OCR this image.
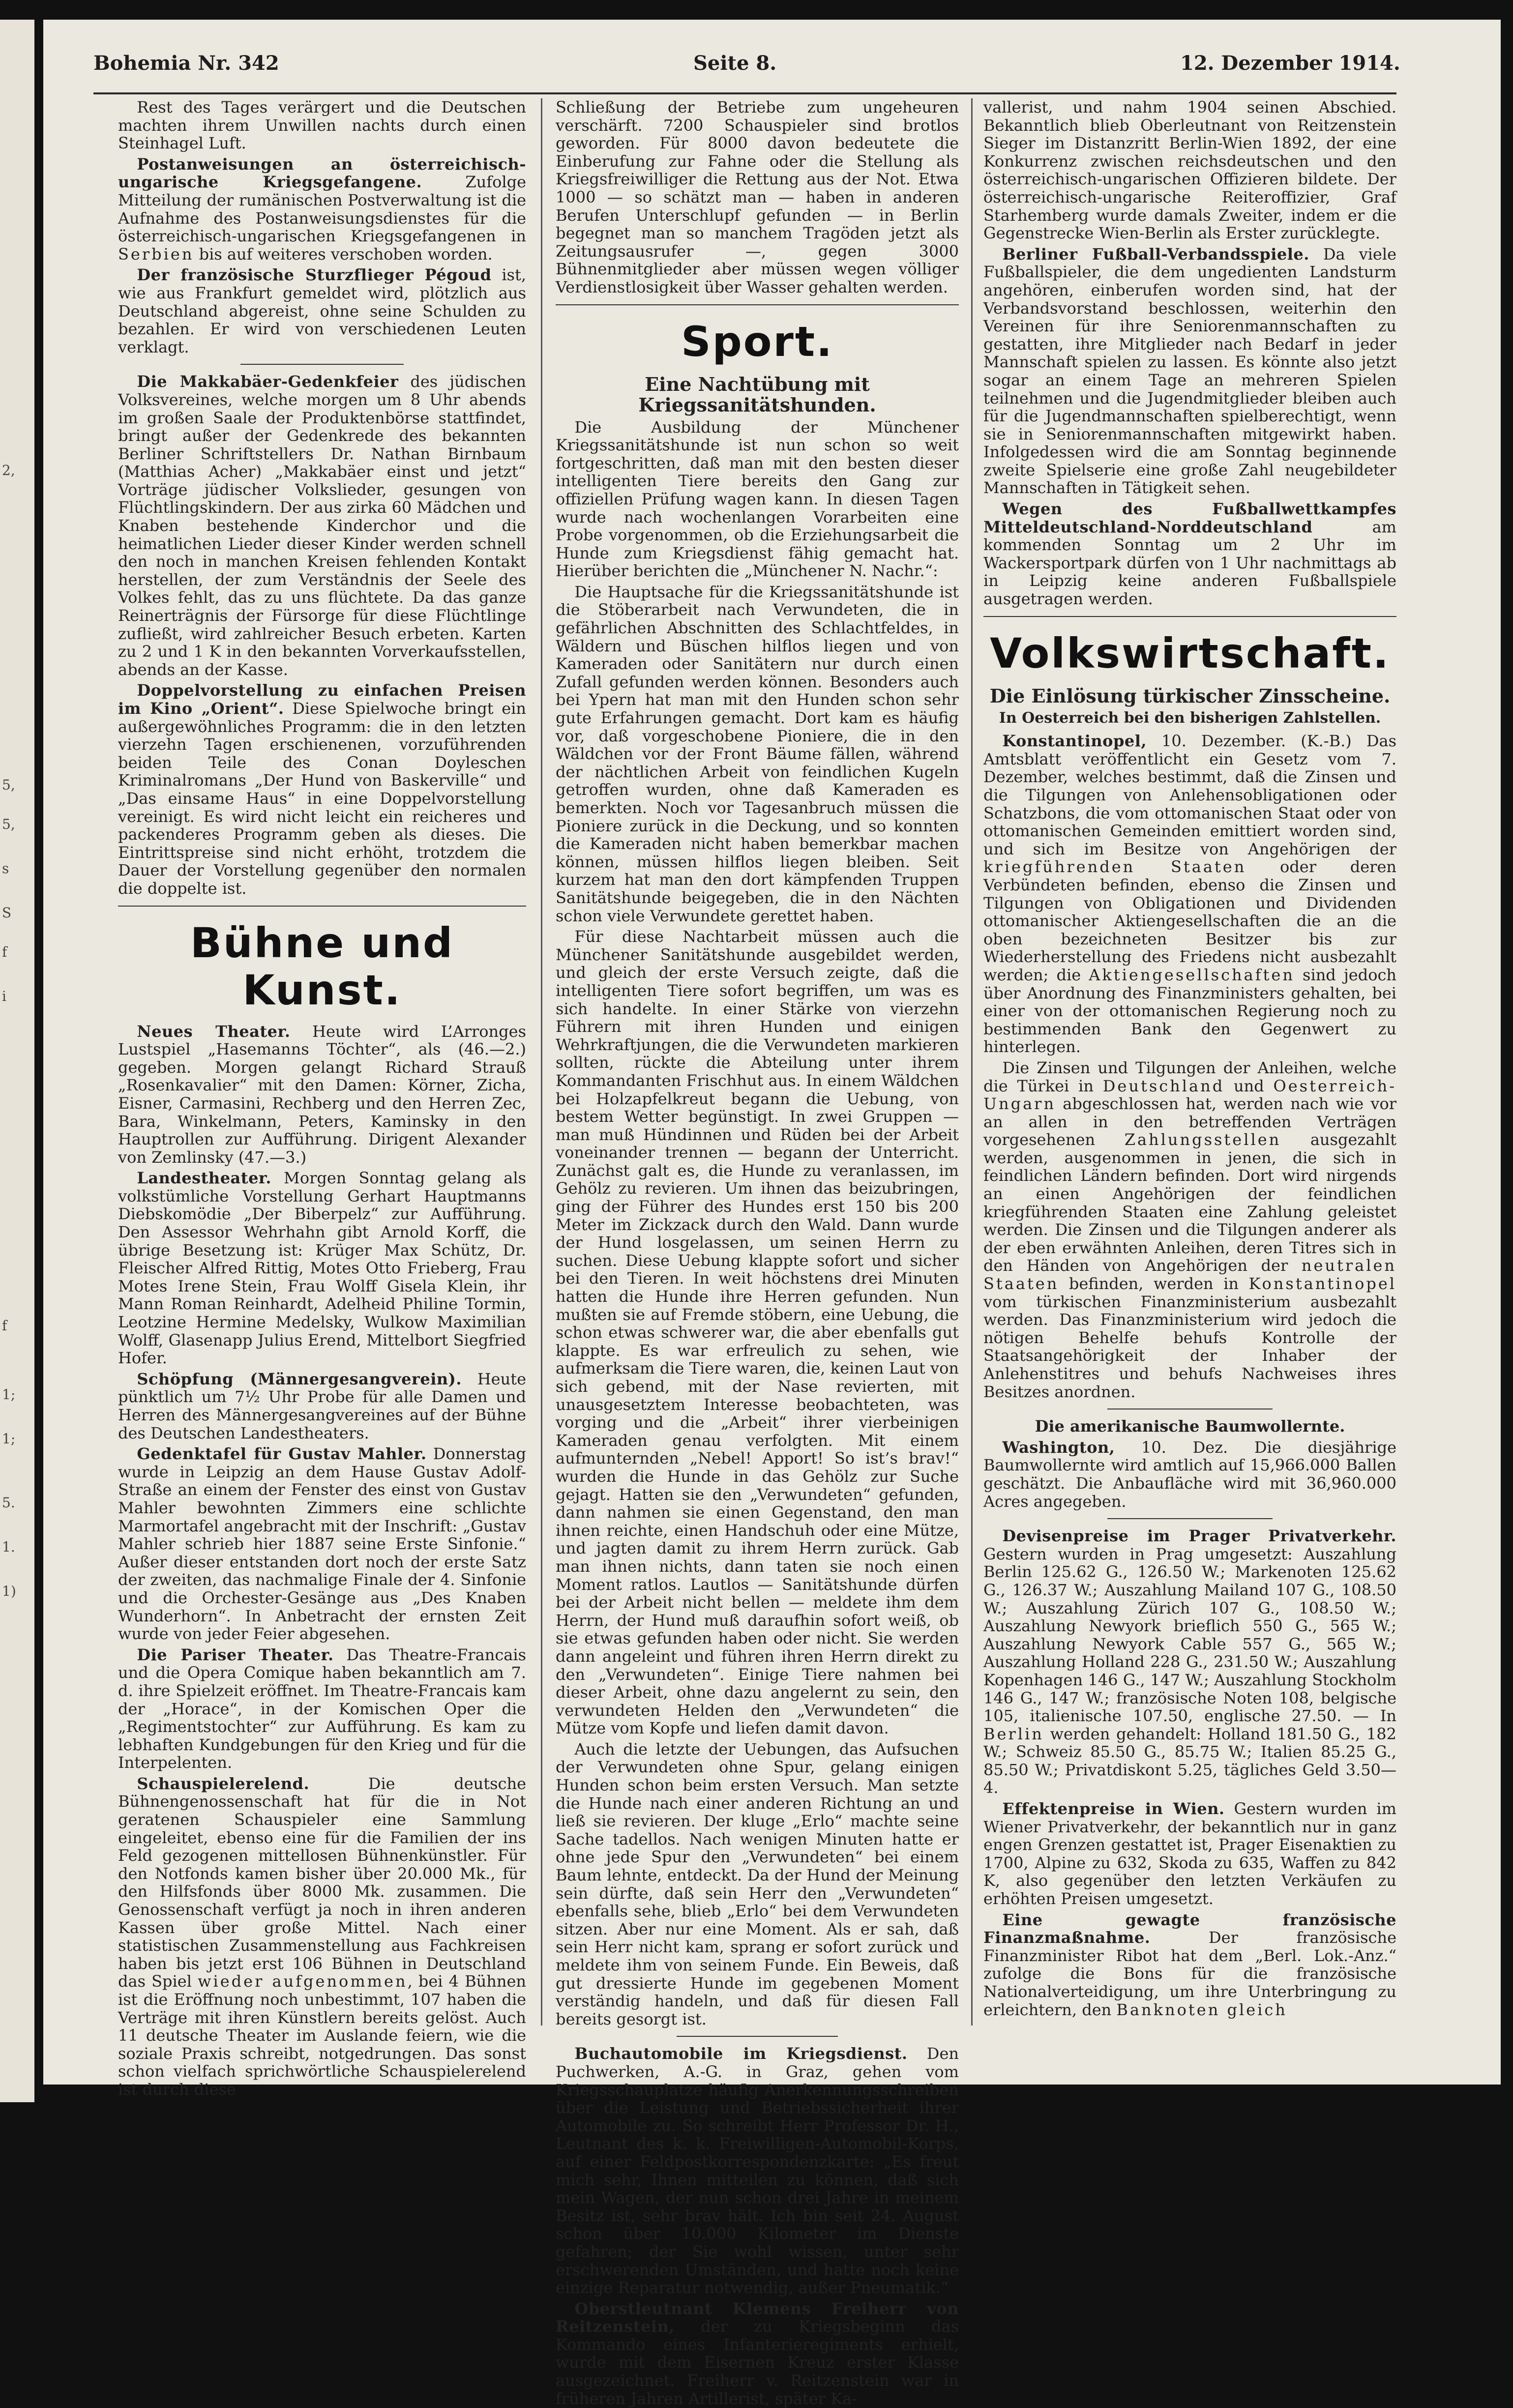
2,
5,
5,
s
S
f
i
f
1;
1;
5.
1.
1)
Bohemia Nr. 342	Seite 8.	12. Dezember 1914.

Rest des Tages verärgert und die Deutschen machten ihrem Unwillen nachts durch einen Steinhagel Luft.

Postanweisungen an österreichisch-ungarische Kriegsgefangene. Zufolge Mitteilung der rumänischen Postverwaltung ist die Aufnahme des Postanweisungsdienstes für die österreichisch-ungarischen Kriegsgefangenen in Serbien bis auf weiteres verschoben worden.

Der französische Sturzflieger Pégoud ist, wie aus Frankfurt gemeldet wird, plötzlich aus Deutschland abgereist, ohne seine Schulden zu bezahlen. Er wird von verschiedenen Leuten verklagt.

Die Makkabäer-Gedenkfeier des jüdischen Volksvereines, welche morgen um 8 Uhr abends im großen Saale der Produktenbörse stattfindet, bringt außer der Gedenkrede des bekannten Berliner Schriftstellers Dr. Nathan Birnbaum (Matthias Acher) „Makkabäer einst und jetzt“ Vorträge jüdischer Volkslieder, gesungen von Flüchtlingskindern. Der aus zirka 60 Mädchen und Knaben bestehende Kinderchor und die heimatlichen Lieder dieser Kinder werden schnell den noch in manchen Kreisen fehlenden Kontakt herstellen, der zum Verständnis der Seele des Volkes fehlt, das zu uns flüchtete. Da das ganze Reinerträgnis der Fürsorge für diese Flüchtlinge zufließt, wird zahlreicher Besuch erbeten. Karten zu 2 und 1 K in den bekannten Vorverkaufsstellen, abends an der Kasse.

Doppelvorstellung zu einfachen Preisen im Kino „Orient“. Diese Spielwoche bringt ein außergewöhnliches Programm: die in den letzten vierzehn Tagen erschienenen, vorzuführenden beiden Teile des Conan Doyleschen Kriminalromans „Der Hund von Baskerville“ und „Das einsame Haus“ in eine Doppelvorstellung vereinigt. Es wird nicht leicht ein reicheres und packenderes Programm geben als dieses. Die Eintrittspreise sind nicht erhöht, trotzdem die Dauer der Vorstellung gegenüber den normalen die doppelte ist.

Bühne und Kunst.

Neues Theater. Heute wird L’Arronges Lustspiel „Hasemanns Töchter“, als (46.—2.) gegeben. Morgen gelangt Richard Strauß „Rosenkavalier“ mit den Damen: Körner, Zicha, Eisner, Carmasini, Rechberg und den Herren Zec, Bara, Winkelmann, Peters, Kaminsky in den Hauptrollen zur Aufführung. Dirigent Alexander von Zemlinsky (47.—3.)

Landestheater. Morgen Sonntag gelang als volkstümliche Vorstellung Gerhart Hauptmanns Diebskomödie „Der Biberpelz“ zur Aufführung. Den Assessor Wehrhahn gibt Arnold Korff, die übrige Besetzung ist: Krüger Max Schütz, Dr. Fleischer Alfred Rittig, Motes Otto Frieberg, Frau Motes Irene Stein, Frau Wolff Gisela Klein, ihr Mann Roman Reinhardt, Adelheid Philine Tormin, Leotzine Hermine Medelsky, Wulkow Maximilian Wolff, Glasenapp Julius Erend, Mittelbort Siegfried Hofer.

Schöpfung (Männergesangverein). Heute pünktlich um 7½ Uhr Probe für alle Damen und Herren des Männergesangvereines auf der Bühne des Deutschen Landestheaters.

Gedenktafel für Gustav Mahler. Donnerstag wurde in Leipzig an dem Hause Gustav Adolf-Straße an einem der Fenster des einst von Gustav Mahler bewohnten Zimmers eine schlichte Marmortafel angebracht mit der Inschrift: „Gustav Mahler schrieb hier 1887 seine Erste Sinfonie.“ Außer dieser entstanden dort noch der erste Satz der zweiten, das nachmalige Finale der 4. Sinfonie und die Orchester-Gesänge aus „Des Knaben Wunderhorn“. In Anbetracht der ernsten Zeit wurde von jeder Feier abgesehen.

Die Pariser Theater. Das Theatre-Francais und die Opera Comique haben bekanntlich am 7. d. ihre Spielzeit eröffnet. Im Theatre-Francais kam der „Horace“, in der Komischen Oper die „Regimentstochter“ zur Aufführung. Es kam zu lebhaften Kundgebungen für den Krieg und für die Interpelenten.

Schauspielerelend. Die deutsche Bühnengenossenschaft hat für die in Not geratenen Schauspieler eine Sammlung eingeleitet, ebenso eine für die Familien der ins Feld gezogenen mittellosen Bühnenkünstler. Für den Notfonds kamen bisher über 20.000 Mk., für den Hilfsfonds über 8000 Mk. zusammen. Die Genossenschaft verfügt ja noch in ihren anderen Kassen über große Mittel. Nach einer statistischen Zusammenstellung aus Fachkreisen haben bis jetzt erst 106 Bühnen in Deutschland das Spiel wieder aufgenommen, bei 4 Bühnen ist die Eröffnung noch unbestimmt, 107 haben die Verträge mit ihren Künstlern bereits gelöst. Auch 11 deutsche Theater im Auslande feiern, wie die soziale Praxis schreibt, notgedrungen. Das sonst schon vielfach sprichwörtliche Schauspielerelend ist durch diese

Schließung der Betriebe zum ungeheuren verschärft. 7200 Schauspieler sind brotlos geworden. Für 8000 davon bedeutete die Einberufung zur Fahne oder die Stellung als Kriegsfreiwilliger die Rettung aus der Not. Etwa 1000 — so schätzt man — haben in anderen Berufen Unterschlupf gefunden — in Berlin begegnet man so manchem Tragöden jetzt als Zeitungsausrufer —, gegen 3000 Bühnenmitglieder aber müssen wegen völliger Verdienstlosigkeit über Wasser gehalten werden.

Sport.
Eine Nachtübung mit Kriegssanitätshunden.

Die Ausbildung der Münchener Kriegssanitätshunde ist nun schon so weit fortgeschritten, daß man mit den besten dieser intelligenten Tiere bereits den Gang zur offiziellen Prüfung wagen kann. In diesen Tagen wurde nach wochenlangen Vorarbeiten eine Probe vorgenommen, ob die Erziehungsarbeit die Hunde zum Kriegsdienst fähig gemacht hat. Hierüber berichten die „Münchener N. Nachr.“:

Die Hauptsache für die Kriegssanitätshunde ist die Stöberarbeit nach Verwundeten, die in gefährlichen Abschnitten des Schlachtfeldes, in Wäldern und Büschen hilflos liegen und von Kameraden oder Sanitätern nur durch einen Zufall gefunden werden können. Besonders auch bei Ypern hat man mit den Hunden schon sehr gute Erfahrungen gemacht. Dort kam es häufig vor, daß vorgeschobene Pioniere, die in den Wäldchen vor der Front Bäume fällen, während der nächtlichen Arbeit von feindlichen Kugeln getroffen wurden, ohne daß Kameraden es bemerkten. Noch vor Tagesanbruch müssen die Pioniere zurück in die Deckung, und so konnten die Kameraden nicht haben bemerkbar machen können, müssen hilflos liegen bleiben. Seit kurzem hat man den dort kämpfenden Truppen Sanitätshunde beigegeben, die in den Nächten schon viele Verwundete gerettet haben.

Für diese Nachtarbeit müssen auch die Münchener Sanitätshunde ausgebildet werden, und gleich der erste Versuch zeigte, daß die intelligenten Tiere sofort begriffen, um was es sich handelte. In einer Stärke von vierzehn Führern mit ihren Hunden und einigen Wehrkraftjungen, die die Verwundeten markieren sollten, rückte die Abteilung unter ihrem Kommandanten Frischhut aus. In einem Wäldchen bei Holzapfelkreut begann die Uebung, von bestem Wetter begünstigt. In zwei Gruppen — man muß Hündinnen und Rüden bei der Arbeit voneinander trennen — begann der Unterricht. Zunächst galt es, die Hunde zu veranlassen, im Gehölz zu revieren. Um ihnen das beizubringen, ging der Führer des Hundes erst 150 bis 200 Meter im Zickzack durch den Wald. Dann wurde der Hund losgelassen, um seinen Herrn zu suchen. Diese Uebung klappte sofort und sicher bei den Tieren. In weit höchstens drei Minuten hatten die Hunde ihre Herren gefunden. Nun mußten sie auf Fremde stöbern, eine Uebung, die schon etwas schwerer war, die aber ebenfalls gut klappte. Es war erfreulich zu sehen, wie aufmerksam die Tiere waren, die, keinen Laut von sich gebend, mit der Nase revierten, mit unausgesetztem Interesse beobachteten, was vorging und die „Arbeit“ ihrer vierbeinigen Kameraden genau verfolgten. Mit einem aufmunternden „Nebel! Apport! So ist’s brav!“ wurden die Hunde in das Gehölz zur Suche gejagt. Hatten sie den „Verwundeten“ gefunden, dann nahmen sie einen Gegenstand, den man ihnen reichte, einen Handschuh oder eine Mütze, und jagten damit zu ihrem Herrn zurück. Gab man ihnen nichts, dann taten sie noch einen Moment ratlos. Lautlos — Sanitätshunde dürfen bei der Arbeit nicht bellen — meldete ihm dem Herrn, der Hund muß daraufhin sofort weiß, ob sie etwas gefunden haben oder nicht. Sie werden dann angeleint und führen ihren Herrn direkt zu den „Verwundeten“. Einige Tiere nahmen bei dieser Arbeit, ohne dazu angelernt zu sein, den verwundeten Helden den „Verwundeten“ die Mütze vom Kopfe und liefen damit davon.

Auch die letzte der Uebungen, das Aufsuchen der Verwundeten ohne Spur, gelang einigen Hunden schon beim ersten Versuch. Man setzte die Hunde nach einer anderen Richtung an und ließ sie revieren. Der kluge „Erlo“ machte seine Sache tadellos. Nach wenigen Minuten hatte er ohne jede Spur den „Verwundeten“ bei einem Baum lehnte, entdeckt. Da der Hund der Meinung sein dürfte, daß sein Herr den „Verwundeten“ ebenfalls sehe, blieb „Erlo“ bei dem Verwundeten sitzen. Aber nur eine Moment. Als er sah, daß sein Herr nicht kam, sprang er sofort zurück und meldete ihm von seinem Funde. Ein Beweis, daß gut dressierte Hunde im gegebenen Moment verständig handeln, und daß für diesen Fall bereits gesorgt ist.

Buchautomobile im Kriegsdienst. Den Puchwerken, A.-G. in Graz, gehen vom Kriegsschauplatze häufig Anerkennungsschreiben über die Leistung und Betriebssicherheit ihrer Automobile zu. So schreibt Herr Professor Dr. H., Leutnant des k. k. Freiwilligen-Automobil-Korps, auf einer Feldpostkorrespondenzkarte: „Es freut mich sehr, Ihnen mitteilen zu können, daß sich mein Wagen, der nun schon drei Jahre in meinem Besitz ist, sehr brav hält. Ich bin seit 24. August schon über 10.000 Kilometer im Dienste gefahren; der Sie wohl wissen, unter sehr erschwerenden Umständen, und hatte noch keine einzige Reparatur notwendig, außer Pneumatik.“

Oberstleutnant Klemens Freiherr von Reitzenstein, der zu Kriegsbeginn das Kommando eines Infanterieregiments erhielt, wurde mit dem Eisernen Kreuz erster Klasse ausgezeichnet. Freiherr v. Reitzenstein war in früheren Jahren Artillerist, später Ka-

vallerist, und nahm 1904 seinen Abschied. Bekanntlich blieb Oberleutnant von Reitzenstein Sieger im Distanzritt Berlin-Wien 1892, der eine Konkurrenz zwischen reichsdeutschen und den österreichisch-ungarischen Offizieren bildete. Der österreichisch-ungarische Reiteroffizier, Graf Starhemberg wurde damals Zweiter, indem er die Gegenstrecke Wien-Berlin als Erster zurücklegte.

Berliner Fußball-Verbandsspiele. Da viele Fußballspieler, die dem ungedienten Landsturm angehören, einberufen worden sind, hat der Verbandsvorstand beschlossen, weiterhin den Vereinen für ihre Seniorenmannschaften zu gestatten, ihre Mitglieder nach Bedarf in jeder Mannschaft spielen zu lassen. Es könnte also jetzt sogar an einem Tage an mehreren Spielen teilnehmen und die Jugendmitglieder bleiben auch für die Jugendmannschaften spielberechtigt, wenn sie in Seniorenmannschaften mitgewirkt haben. Infolgedessen wird die am Sonntag beginnende zweite Spielserie eine große Zahl neugebildeter Mannschaften in Tätigkeit sehen.

Wegen des Fußballwettkampfes Mitteldeutschland-Norddeutschland am kommenden Sonntag um 2 Uhr im Wackersportpark dürfen von 1 Uhr nachmittags ab in Leipzig keine anderen Fußballspiele ausgetragen werden.

Volkswirtschaft.
Die Einlösung türkischer Zinsscheine.
In Oesterreich bei den bisherigen Zahlstellen.

Konstantinopel, 10. Dezember. (K.-B.) Das Amtsblatt veröffentlicht ein Gesetz vom 7. Dezember, welches bestimmt, daß die Zinsen und die Tilgungen von Anlehensobligationen oder Schatzbons, die vom ottomanischen Staat oder von ottomanischen Gemeinden emittiert worden sind, und sich im Besitze von Angehörigen der kriegführenden Staaten oder deren Verbündeten befinden, ebenso die Zinsen und Tilgungen von Obligationen und Dividenden ottomanischer Aktiengesellschaften die an die oben bezeichneten Besitzer bis zur Wiederherstellung des Friedens nicht ausbezahlt werden; die Aktiengesellschaften sind jedoch über Anordnung des Finanzministers gehalten, bei einer von der ottomanischen Regierung noch zu bestimmenden Bank den Gegenwert zu hinterlegen.

Die Zinsen und Tilgungen der Anleihen, welche die Türkei in Deutschland und Oesterreich-Ungarn abgeschlossen hat, werden nach wie vor an allen in den betreffenden Verträgen vorgesehenen Zahlungsstellen ausgezahlt werden, ausgenommen in jenen, die sich in feindlichen Ländern befinden. Dort wird nirgends an einen Angehörigen der feindlichen kriegführenden Staaten eine Zahlung geleistet werden. Die Zinsen und die Tilgungen anderer als der eben erwähnten Anleihen, deren Titres sich in den Händen von Angehörigen der neutralen Staaten befinden, werden in Konstantinopel vom türkischen Finanzministerium ausbezahlt werden. Das Finanzministerium wird jedoch die nötigen Behelfe behufs Kontrolle der Staatsangehörigkeit der Inhaber der Anlehenstitres und behufs Nachweises ihres Besitzes anordnen.

Die amerikanische Baumwollernte.

Washington, 10. Dez. Die diesjährige Baumwollernte wird amtlich auf 15,966.000 Ballen geschätzt. Die Anbaufläche wird mit 36,960.000 Acres angegeben.

Devisenpreise im Prager Privatverkehr. Gestern wurden in Prag umgesetzt: Auszahlung Berlin 125.62 G., 126.50 W.; Markenoten 125.62 G., 126.37 W.; Auszahlung Mailand 107 G., 108.50 W.; Auszahlung Zürich 107 G., 108.50 W.; Auszahlung Newyork brieflich 550 G., 565 W.; Auszahlung Newyork Cable 557 G., 565 W.; Auszahlung Holland 228 G., 231.50 W.; Auszahlung Kopenhagen 146 G., 147 W.; Auszahlung Stockholm 146 G., 147 W.; französische Noten 108, belgische 105, italienische 107.50, englische 27.50. — In Berlin werden gehandelt: Holland 181.50 G., 182 W.; Schweiz 85.50 G., 85.75 W.; Italien 85.25 G., 85.50 W.; Privatdiskont 5.25, tägliches Geld 3.50—4.

Effektenpreise in Wien. Gestern wurden im Wiener Privatverkehr, der bekanntlich nur in ganz engen Grenzen gestattet ist, Prager Eisenaktien zu 1700, Alpine zu 632, Skoda zu 635, Waffen zu 842 K, also gegenüber den letzten Verkäufen zu erhöhten Preisen umgesetzt.

Eine gewagte französische Finanzmaßnahme. Der französische Finanzminister Ribot hat dem „Berl. Lok.-Anz.“ zufolge die Bons für die französische Nationalverteidigung, um ihre Unterbringung zu erleichtern, den Banknoten gleich
